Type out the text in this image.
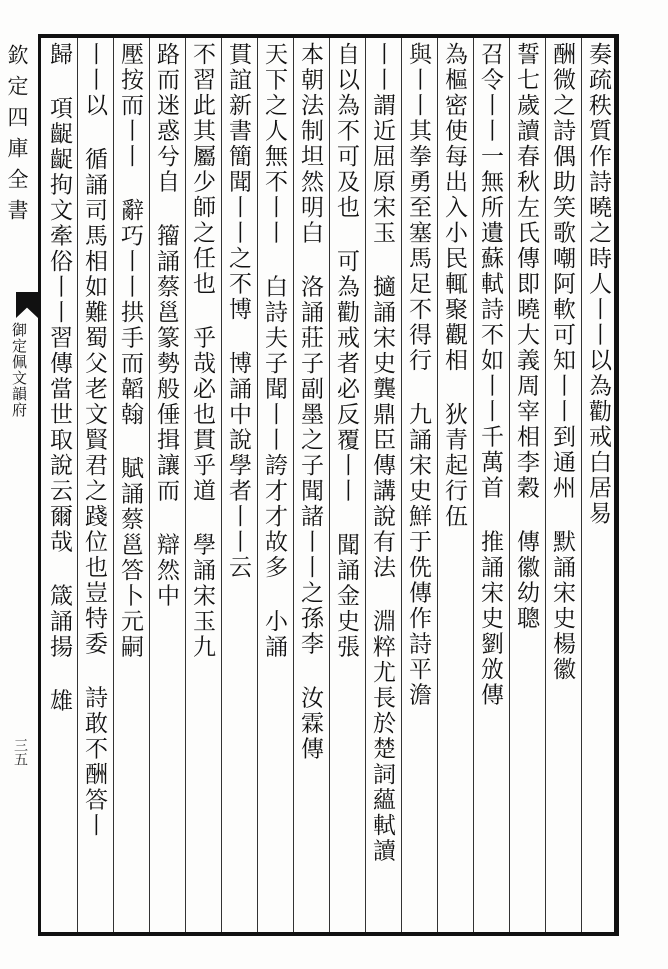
欽定四庫全書
御定佩文韻府
三五
奏疏秩質作詩曉之時人丨丨以為勸戒白居易
酬微之詩偶助笑歌嘲阿軟可知丨丨到通州 默誦宋史楊徽
誓七歲讀春秋左氏傳即曉大義周宰相李穀 傳徽幼聰
召令丨丨一無所遺蘇軾詩不如丨丨千萬首 推誦宋史劉攽傳
為樞密使每出入小民輒聚觀相 狄青起行伍
與丨丨其拳勇至塞馬足不得行 九誦宋史鮮于侁傳作詩平澹
丨丨謂近屈原宋玉 擿誦宋史龔鼎臣傳講說有法 淵粹尤長於楚詞蘊軾讀
自以為不可及也 可為勸戒者必反覆丨丨 聞誦金史張
本朝法制坦然明白 洛誦莊子副墨之子聞諸丨丨之孫李 汝霖傳
天下之人無不丨丨 白詩夫子聞丨丨誇才才故多 小誦
貫誼新書簡聞丨丨之不博 博誦中說學者丨丨云
不習此其屬少師之任也 乎哉必也貫乎道 學誦宋玉九
路而迷惑兮自 籀誦蔡邕篆勢般倕揖讓而 辯然中
壓按而丨丨 辭巧丨丨拱手而韜翰 賦誦蔡邕答卜元嗣
丨丨以 循誦司馬相如難蜀父老文賢君之踐位也豈特委 詩敢不酬答丨
歸 項齪齪拘文牽俗丨丨習傳當世取說云爾哉 箴誦揚 雄
